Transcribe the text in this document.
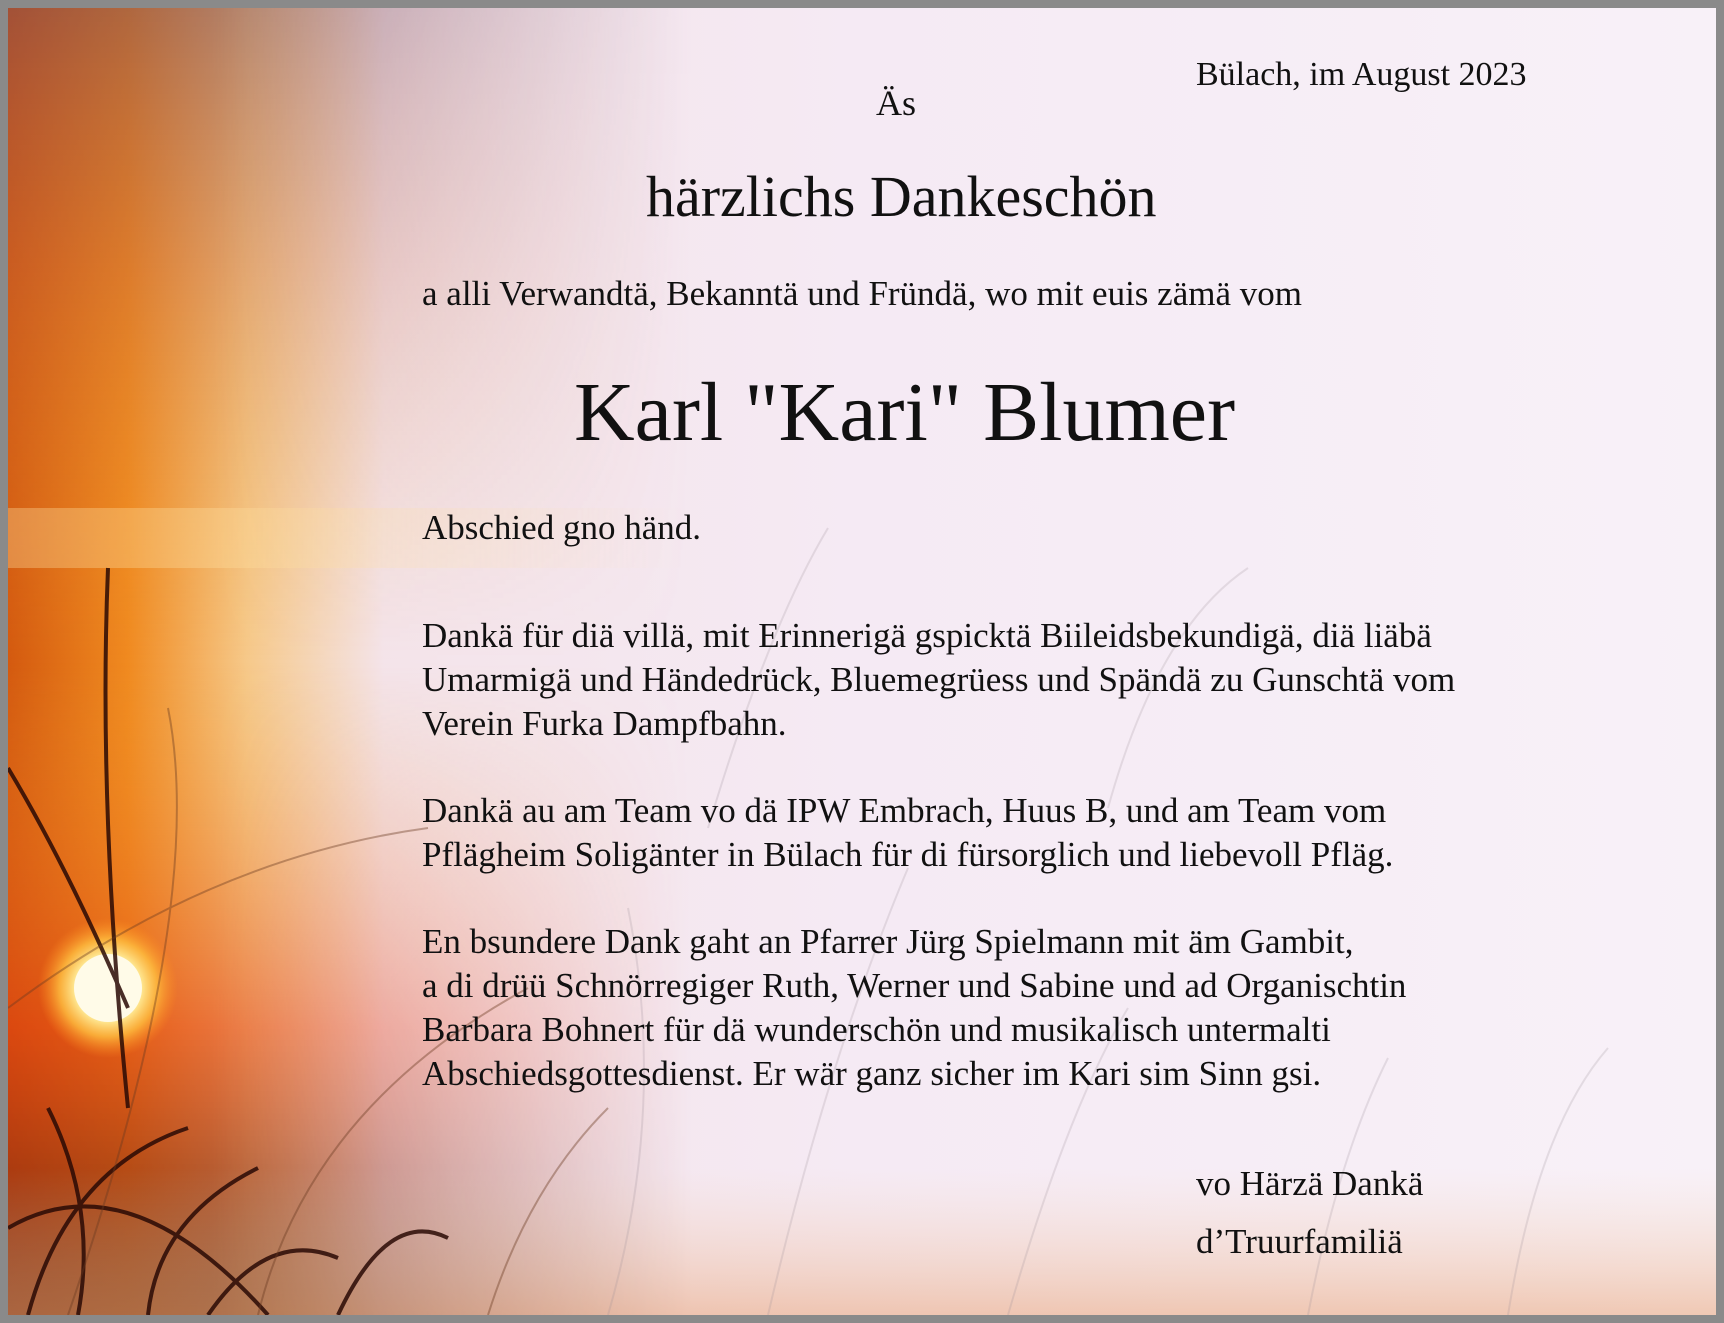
Bülach, im August 2023
Äs
härzlichs Dankeschön
a alli Verwandtä, Bekanntä und Fründä, wo mit euis zämä vom
Karl "Kari" Blumer
Abschied gno händ.
Dankä für diä villä, mit Erinnerigä gspicktä Biileidsbekundigä, diä liäbä
Umarmigä und Händedrück, Bluemegrüess und Spändä zu Gunschtä vom
Verein Furka Dampfbahn.
Dankä au am Team vo dä IPW Embrach, Huus B, und am Team vom
Pflägheim Soligänter in Bülach für di fürsorglich und liebevoll Pfläg.
En bsundere Dank gaht an Pfarrer Jürg Spielmann mit äm Gambit,
a di drüü Schnörregiger Ruth, Werner und Sabine und ad Organischtin
Barbara Bohnert für dä wunderschön und musikalisch untermalti
Abschiedsgottesdienst. Er wär ganz sicher im Kari sim Sinn gsi.
vo Härzä Dankä
d’Truurfamiliä
